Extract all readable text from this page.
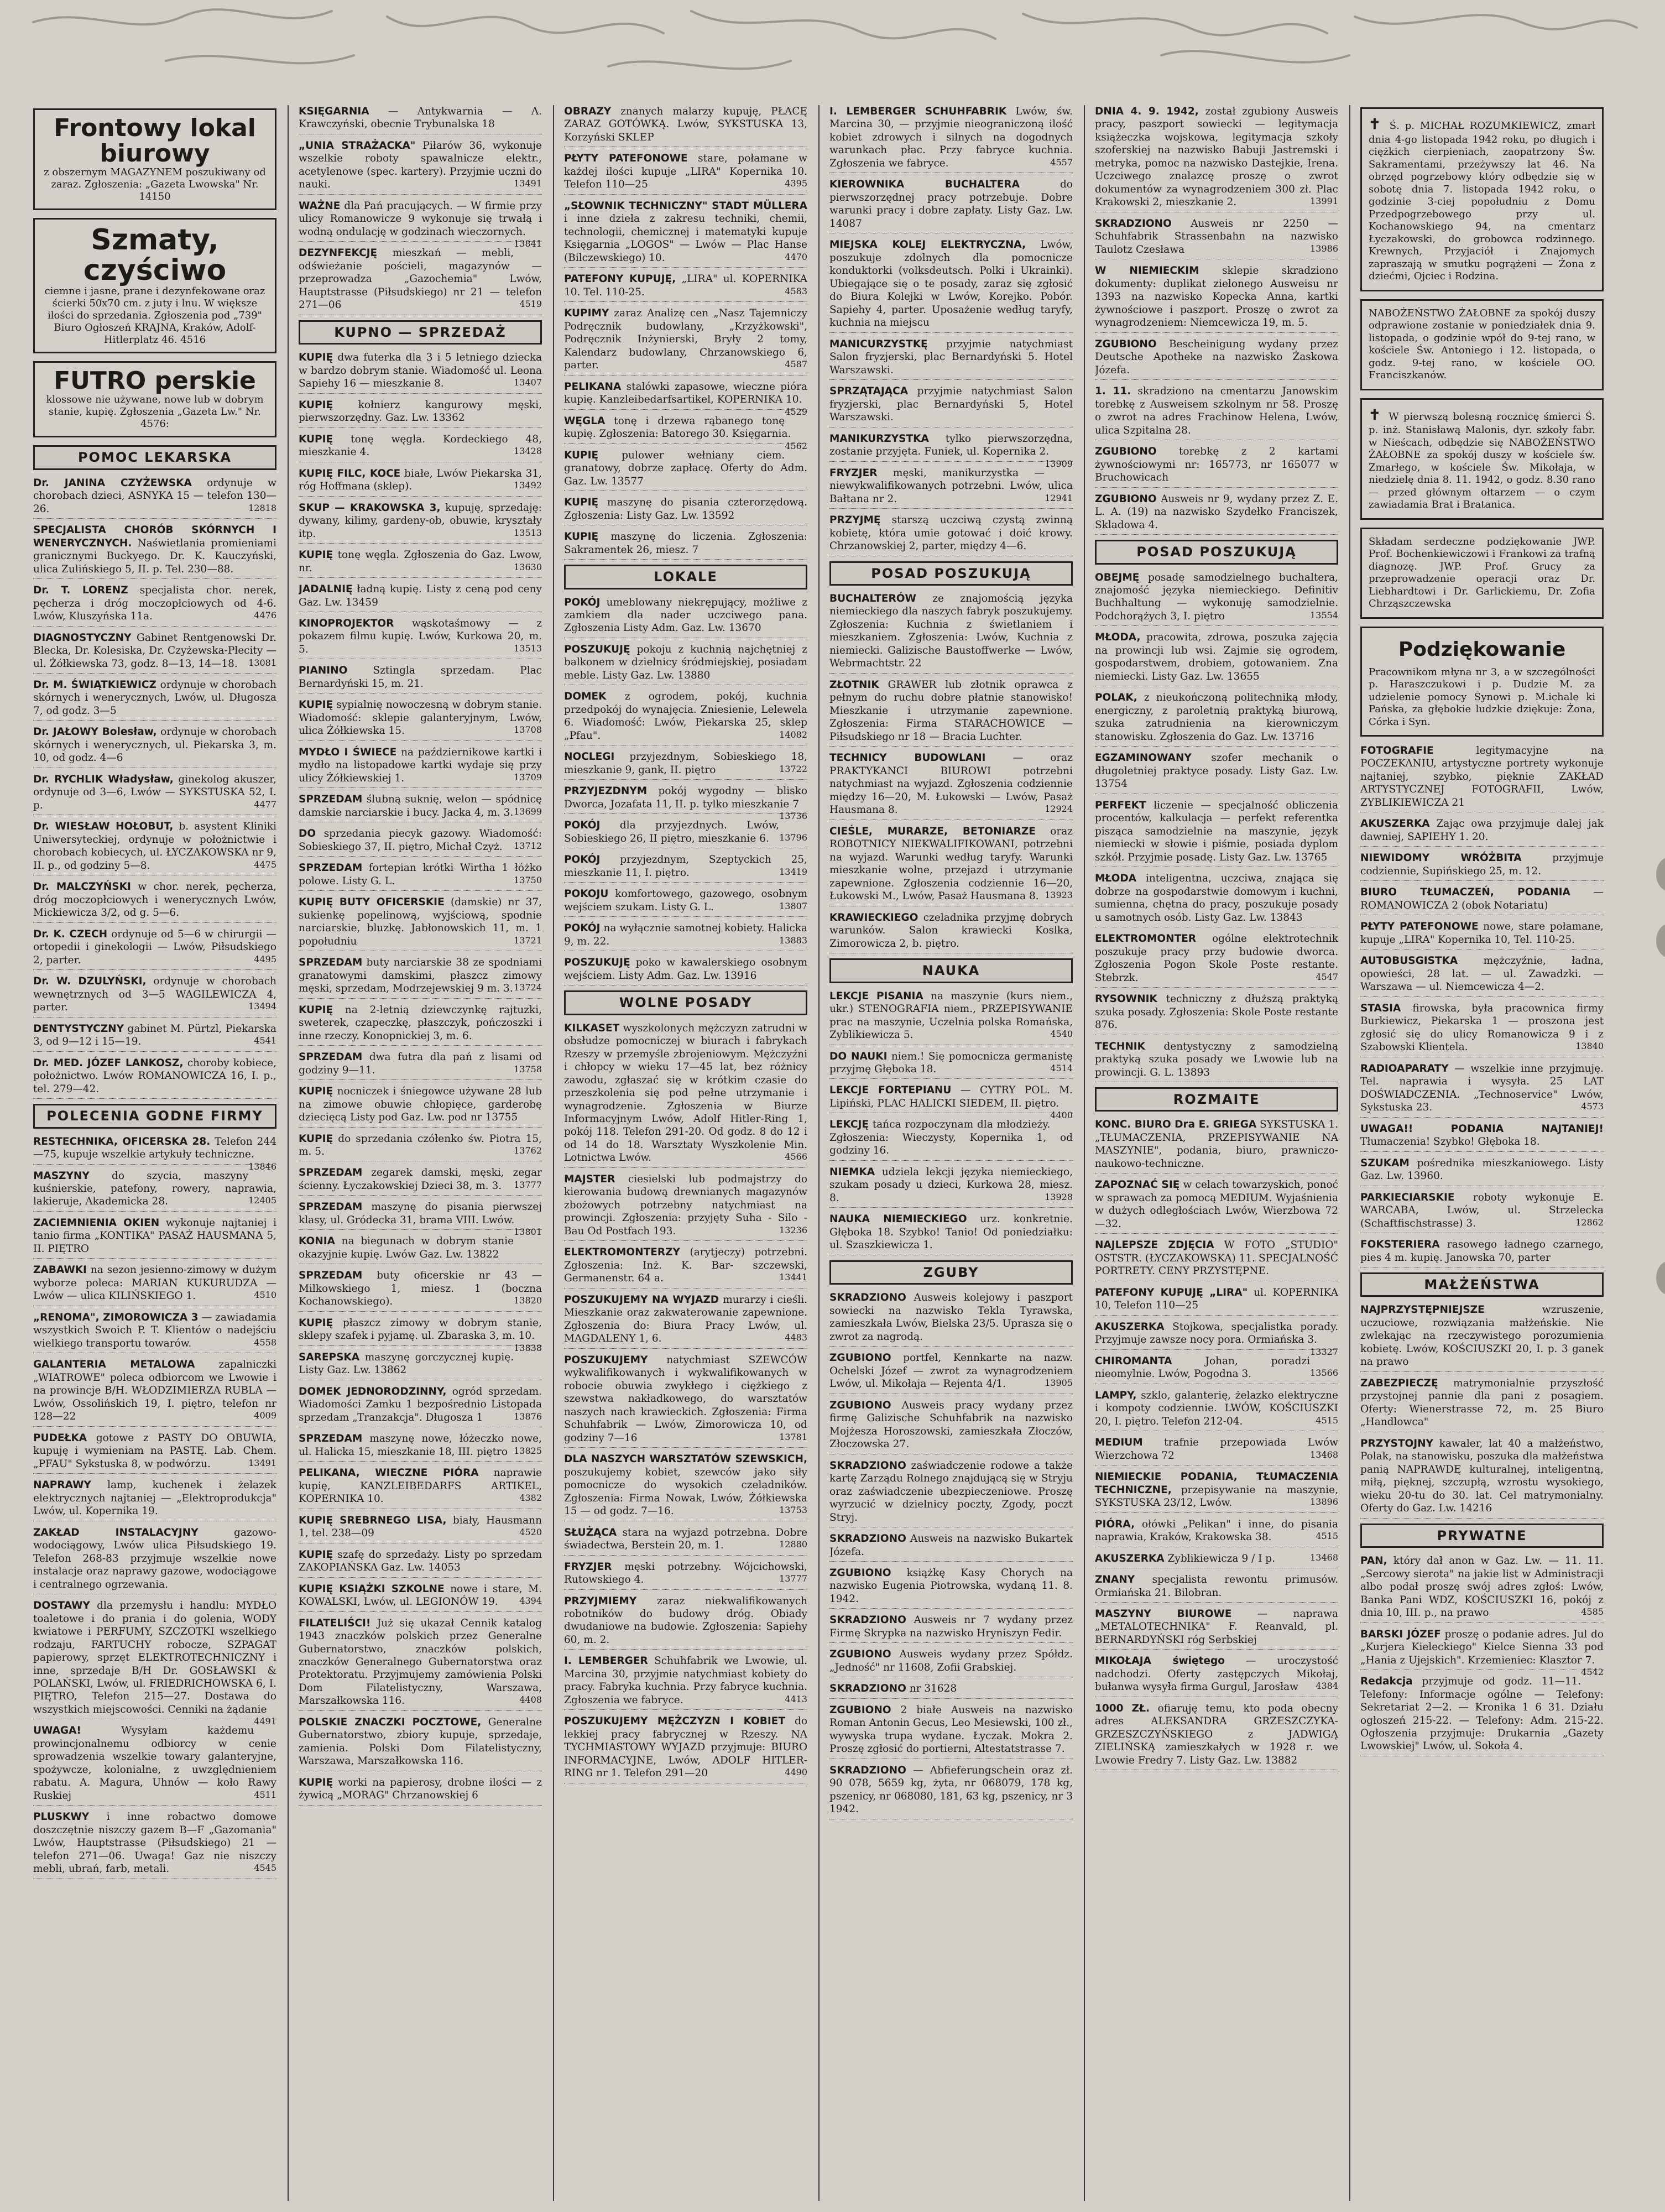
Frontowy lokal biurowy
z obszernym MAGAZYNEM poszukiwany od zaraz. Zgłoszenia: „Gazeta Lwowska" Nr. 14150
Szmaty, czyściwo
ciemne i jasne, prane i dezynfekowane oraz ścierki 50x70 cm. z juty i lnu. W większe ilości do sprzedania. Zgłoszenia pod „739" Biuro Ogłoszeń KRAJNA, Kraków, Adolf-Hitlerplatz 46. 4516
FUTRO perskie
klossowe nie używane, nowe lub w dobrym stanie, kupię. Zgłoszenia „Gazeta Lw." Nr. 4576:
POMOC LEKARSKA
Dr. JANINA CZYŻEWSKA ordynuje w chorobach dzieci, ASNYKA 15 — telefon 130—26.	12818
SPECJALISTA CHORÓB SKÓRNYCH I WENERYCZNYCH. Naświetlania promieniami granicznymi Buckyego. Dr. K. Kauczyński, ulica Zulińskiego 5, II. p. Tel. 230—88.
Dr. T. LORENZ specjalista chor. nerek, pęcherza i dróg moczopłciowych od 4-6. Lwów, Kluszyńska 11a.	4476
DIAGNOSTYCZNY Gabinet Rentgenowski Dr. Blecka, Dr. Kolesiska, Dr. Czyżewska-Plecity — ul. Żółkiewska 73, godz. 8—13, 14—18. 13081
Dr. M. ŚWIĄTKIEWICZ ordynuje w chorobach skórnych i wenerycznych, Lwów, ul. Długosza 7, od godz. 3—5
Dr. JAŁOWY Bolesław, ordynuje w chorobach skórnych i wenerycznych, ul. Piekarska 3, m. 10, od godz. 4—6
Dr. RYCHLIK Władysław, ginekolog akuszer, ordynuje od 3—6, Lwów — SYKSTUSKA 52, I. p.	4477
Dr. WIESŁAW HOŁOBUT, b. asystent Kliniki Uniwersyteckiej, ordynuje w położnictwie i chorobach kobiecych, ul. ŁYCZAKOWSKA nr 9, II. p., od godziny 5—8.	4475
Dr. MALCZYŃSKI w chor. nerek, pęcherza, dróg moczopłciowych i wenerycznych Lwów, Mickiewicza 3/2, od g. 5—6.
Dr. K. CZECH ordynuje od 5—6 w chirurgii — ortopedii i ginekologii — Lwów, Piłsudskiego 2, parter.	4495
Dr. W. DZULYŃSKI, ordynuje w chorobach wewnętrznych od 3—5 WAGILEWICZA 4, parter.	13494
DENTYSTYCZNY gabinet M. Pürtzl, Piekarska 3, od 9—12 i 15—19.	4541
Dr. MED. JÓZEF LANKOSZ, choroby kobiece, położnictwo. Lwów ROMANOWICZA 16, I. p., tel. 279—42.
POLECENIA GODNE FIRMY
RESTECHNIKA, OFICERSKA 28. Telefon 244—75, kupuje wszelkie artykuły techniczne.
13846
MASZYNY do szycia, maszyny kuśnierskie, patefony, rowery, naprawia, lakieruje, Akademicka 28.	12405
ZACIEMNIENIA OKIEN wykonuje najtaniej i tanio firma „KONTIKA" PASAŻ HAUSMANA 5, II. PIĘTRO
ZABAWKI na sezon jesienno-zimowy w dużym wyborze poleca: MARIAN KUKURUDZA — Lwów — ulica KILIŃSKIEGO 1.	4510
„RENOMA", ZIMOROWICZA 3 — zawiadamia wszystkich Swoich P. T. Klientów o nadejściu wielkiego transportu towarów.	4558
GALANTERIA METALOWA zapalniczki „WIATROWE" poleca odbiorcom we Lwowie i na prowincje B/H. WŁODZIMIERZA RUBLA — Lwów, Ossolińskich 19, I. piętro, telefon nr 128—22	4009
PUDEŁKA gotowe z PASTY DO OBUWIA, kupuję i wymieniam na PASTĘ. Lab. Chem. „PFAU" Sykstuska 8, w podwórzu.	13491
NAPRAWY lamp, kuchenek i żelazek elektrycznych najtaniej — „Elektroprodukcja" Lwów, ul. Kopernika 19.
ZAKŁAD INSTALACYJNY	gazowo-wodociągowy, Lwów ulica Piłsudskiego 19. Telefon 268-83 przyjmuje wszelkie nowe instalacje oraz naprawy gazowe, wodociągowe i centralnego ogrzewania.
DOSTAWY dla przemysłu i handlu: MYDŁO toaletowe i do prania i do golenia, WODY kwiatowe i PERFUMY, SZCZOTKI wszelkiego rodzaju, FARTUCHY robocze, SZPAGAT papierowy, sprzęt ELEKTROTECHNICZNY i inne, sprzedaje B/H Dr. GOSŁAWSKI & POLAŃSKI, Lwów, ul. FRIEDRICHOWSKA 6, I. PIĘTRO, Telefon 215—27. Dostawa do wszystkich miejscowości. Cenniki na żądanie
4491
UWAGA!	Wysyłam każdemu prowincjonalnemu odbiorcy w cenie sprowadzenia wszelkie towary galanteryjne, spożywcze, kolonialne, z uwzględnieniem rabatu. A. Magura, Uhnów — koło Rawy Ruskiej	4511
PLUSKWY i inne robactwo domowe doszczętnie niszczy gazem B—F „Gazomania" Lwów, Hauptstrasse (Piłsudskiego) 21 — telefon 271—06. Uwaga! Gaz nie niszczy mebli, ubrań, farb, metali.	4545
KSIĘGARNIA — Antykwarnia — A. Krawczyński, obecnie Trybunalska 18
„UNIA STRAŻACKA" Piłarów 36, wykonuje wszelkie roboty spawalnicze elektr., acetylenowe (spec. kartery). Przyjmie uczni do nauki.	13491
WAŻNE dla Pań pracujących. — W firmie przy ulicy Romanowicze 9 wykonuje się trwałą i wodną ondulację w godzinach wieczornych.
13841
DEZYNFEKCJĘ mieszkań — mebli, odświeżanie pościeli, magazynów — przeprowadza „Gazochemia" Lwów, Hauptstrasse (Piłsudskiego) nr 21 — telefon 271—06	4519
KUPNO — SPRZEDAŻ
KUPIĘ dwa futerka dla 3 i 5 letniego dziecka w bardzo dobrym stanie. Wiadomość ul. Leona Sapiehy 16 — mieszkanie 8.	13407
KUPIĘ kołnierz kangurowy męski, pierwszorzędny. Gaz. Lw. 13362
KUPIĘ tonę węgla. Kordeckiego 48, mieszkanie 4.	13428
KUPIĘ FILC, KOCE białe, Lwów Piekarska 31, róg Hoffmana (sklep).	13492
SKUP — KRAKOWSKA 3, kupuję, sprzedaję: dywany, kilimy, gardeny-ob, obuwie, kryształy itp.	13513
KUPIĘ tonę węgla. Zgłoszenia do Gaz. Lwow, nr.	13630
JADALNIĘ ładną kupię. Listy z ceną pod ceny Gaz. Lw. 13459
KINOPROJEKTOR wąskotaśmowy — z pokazem filmu kupię. Lwów, Kurkowa 20, m. 5.	13513
PIANINO Sztingla sprzedam. Plac Bernardyński 15, m. 21.
KUPIĘ sypialnię nowoczesną w dobrym stanie. Wiadomość: sklepie galanteryjnym, Lwów, ulica Żółkiewska 15.	13708
MYDŁO I ŚWIECE na październikowe kartki i mydło na listopadowe kartki wydaje się przy ulicy Żółkiewskiej 1.	13709
SPRZEDAM ślubną suknię, welon — spódnicę damskie narciarskie i bucy. Jacka 4, m. 3. 13699
DO sprzedania piecyk gazowy. Wiadomość: Sobieskiego 37, II. piętro, Michał Czyż. 13712
SPRZEDAM fortepian krótki Wirtha 1 łóżko polowe. Listy G. L.	13750
KUPIĘ BUTY OFICERSKIE (damskie) nr 37, sukienkę popelinową, wyjściową, spodnie narciarskie, bluzkę. Jabłonowskich 11, m. 1 popołudniu	13721
SPRZEDAM buty narciarskie 38 ze spodniami granatowymi damskimi, płaszcz zimowy męski, sprzedam, Modrzejewskiej 9 m. 3. 13724
KUPIĘ na 2-letnią dziewczynkę rajtuzki, sweterek, czapeczkę, płaszczyk, pończoszki i inne rzeczy. Konopnickiej 3, m. 6.
SPRZEDAM dwa futra dla pań z lisami od godziny 9—11.	13758
KUPIĘ nocniczek i śniegowce używane 28 lub na zimowe obuwie chłopięce, garderobę dziecięcą Listy pod Gaz. Lw. pod nr 13755
KUPIĘ do sprzedania czółenko św. Piotra 15, m. 5.	13762
SPRZEDAM zegarek damski, męski, zegar ścienny. Łyczakowskiej Dzieci 38, m. 3. 13777
SPRZEDAM maszynę do pisania pierwszej klasy, ul. Gródecka 31, brama VIII. Lwów.
13801
KONIA na biegunach w dobrym stanie okazyjnie kupię. Lwów Gaz. Lw. 13822
SPRZEDAM buty oficerskie nr 43 — Milkowskiego 1, miesz. 1 (boczna Kochanowskiego).	13820
KUPIĘ płaszcz zimowy w dobrym stanie, sklepy szafek i pyjamę. ul. Zbaraska 3, m. 10.
13838
SAREPSKA maszynę gorczycznej kupię. Listy Gaz. Lw. 13862
DOMEK JEDNORODZINNY, ogród sprzedam. Wiadomości Zamku 1 bezpośrednio Listopada sprzedam „Tranzakcja". Długosza 1	13876
SPRZEDAM maszynę nowe, łóżeczko nowe, ul. Halicka 15, mieszkanie 18, III. piętro 13825
PELIKANA, WIECZNE PIÓRA naprawie kupię, KANZLEIBEDARFS ARTIKEL, KOPERNIKA 10.	4382
KUPIĘ SREBRNEGO LISA, biały, Hausmann 1, tel. 238—09	4520
KUPIĘ szafę do sprzedaży. Listy po sprzedam ZAKOPIAŃSKA Gaz. Lw. 14053
KUPIĘ KSIĄŻKI SZKOLNE nowe i stare, M. KOWALSKI, Lwów, ul. LEGIONÓW 19. 4394
FILATELIŚCI! Już się ukazał Cennik katalog 1943 znaczków polskich przez Generalne Gubernatorstwo, znaczków polskich, znaczków Generalnego Gubernatorstwa oraz Protektoratu. Przyjmujemy zamówienia Polski Dom Filatelistyczny, Warszawa, Marszałkowska 116.	4408
POLSKIE ZNACZKI POCZTOWE, Generalne Gubernatorstwo, zbiory kupuje, sprzedaje, zamienia. Polski Dom Filatelistyczny, Warszawa, Marszałkowska 116.
KUPIĘ worki na papierosy, drobne ilości — z żywicą „MORAG" Chrzanowskiej 6
OBRAZY znanych malarzy kupuję, PŁACĘ ZARAZ GOTÓWKĄ. Lwów, SYKSTUSKA 13, Korzyński SKLEP
PŁYTY PATEFONOWE stare, połamane w każdej ilości kupuje „LIRA" Kopernika 10. Telefon 110—25	4395
„SŁOWNIK TECHNICZNY" STADT MÜLLERA i inne dzieła z zakresu techniki, chemii, technologii, chemicznej i matematyki kupuje Księgarnia „LOGOS" — Lwów — Plac Hanse (Bilczewskiego) 10.	4470
PATEFONY KUPUJĘ, „LIRA" ul. KOPERNIKA 10. Tel. 110-25.	4583
KUPIMY zaraz Analizę cen „Nasz Tajemniczy Podręcznik budowlany, „Krzyżkowski", Podręcznik Inżynierski, Bryły 2 tomy, Kalendarz budowlany, Chrzanowskiego 6, parter.	4587
PELIKANA stalówki zapasowe, wieczne pióra kupię. Kanzleibedarfsartikel, KOPERNIKA 10.
4529
WĘGLA tonę i drzewa rąbanego tonę kupię. Zgłoszenia: Batorego 30. Księgarnia.
4562
KUPIĘ pulower wełniany ciem. granatowy, dobrze zapłacę. Oferty do Adm. Gaz. Lw. 13577
KUPIĘ maszynę do pisania czterorzędową. Zgłoszenia: Listy Gaz. Lw. 13592
KUPIĘ maszynę do liczenia. Zgłoszenia: Sakramentek 26, miesz. 7
LOKALE
POKÓJ umeblowany niekrępujący, możliwe z zamkiem dla nader uczciwego pana. Zgłoszenia Listy Adm. Gaz. Lw. 13670
POSZUKUJĘ pokoju z kuchnią najchętniej z balkonem w dzielnicy śródmiejskiej, posiadam meble. Listy Gaz. Lw. 13880
DOMEK z ogrodem, pokój, kuchnia przedpokój do wynajęcia. Zniesienie, Lelewela 6. Wiadomość: Lwów, Piekarska 25, sklep „Pfau".	14082
NOCLEGI przyjezdnym, Sobieskiego 18, mieszkanie 9, gank, II. piętro	13722
PRZYJEZDNYM pokój wygodny — blisko Dworca, Jozafata 11, II. p. tylko mieszkanie 7
13736
POKÓJ dla przyjezdnych. Lwów, Sobieskiego 26, II piętro, mieszkanie 6. 13796
POKÓJ przyjezdnym, Szeptyckich 25, mieszkanie 11, I. piętro.	13419
POKOJU komfortowego, gazowego, osobnym wejściem szukam. Listy G. L.	13807
POKÓJ na wyłącznie samotnej kobiety. Halicka 9, m. 22.	13883
POSZUKUJĘ poko w kawalerskiego osobnym wejściem. Listy Adm. Gaz. Lw. 13916
WOLNE POSADY
KILKASET wyszkolonych mężczyzn zatrudni w obsłudze pomocniczej w biurach i fabrykach Rzeszy w przemyśle zbrojeniowym. Mężczyźni i chłopcy w wieku 17—45 lat, bez różnicy zawodu, zgłaszać się w krótkim czasie do przeszkolenia się pod pełne utrzymanie i wynagrodzenie. Zgłoszenia w Biurze Informacyjnym Lwów, Adolf Hitler-Ring 1, pokój 118. Telefon 291-20. Od godz. 8 do 12 i od 14 do 18. Warsztaty Wyszkolenie Min. Lotnictwa Lwów.	4566
MAJSTER ciesielski lub podmajstrzy do kierowania budową drewnianych magazynów zbożowych potrzebny natychmiast na prowincji. Zgłoszenia: przyjęty Suha - Silo - Bau Od Postfach 193.	13236
ELEKTROMONTERZY (arytjeczy) potrzebni. Zgłoszenia: Inż. K. Bar- szczewski, Germanenstr. 64 a.	13441
POSZUKUJEMY NA WYJAZD murarzy i cieśli. Mieszkanie oraz zakwaterowanie zapewnione. Zgłoszenia do: Biura Pracy Lwów, ul. MAGDALENY 1, 6.	4483
POSZUKUJEMY natychmiast SZEWCÓW wykwalifikowanych i wykwalifikowanych w robocie obuwia zwykłego i ciężkiego z szewstwa nakładkowego, do warsztatów naszych nach krawieckich. Zgłoszenia: Firma Schuhfabrik — Lwów, Zimorowicza 10, od godziny 7—16	13781
DLA NASZYCH WARSZTATÓW SZEWSKICH, poszukujemy kobiet, szewców jako siły pomocnicze do wysokich czeladników. Zgłoszenia: Firma Nowak, Lwów, Żółkiewska 15 — od godz. 7—16.	13753
SŁUŻĄCA stara na wyjazd potrzebna. Dobre świadectwa, Berstein 20, m. 1.	12880
FRYZJER męski potrzebny. Wójcichowski, Rutowskiego 4.	13777
PRZYJMIEMY zaraz niekwalifikowanych robotników do budowy dróg. Obiady dwudaniowe na budowie. Zgłoszenia: Sapiehy 60, m. 2.
I. LEMBERGER Schuhfabrik we Lwowie, ul. Marcina 30, przyjmie natychmiast kobiety do pracy. Fabryka kuchnia. Przy fabryce kuchnia. Zgłoszenia we fabryce.	4413
POSZUKUJEMY MĘŻCZYZN I KOBIET do lekkiej pracy fabrycznej w Rzeszy. NA TYCHMIASTOWY WYJAZD przyjmuje: BIURO INFORMACYJNE, Lwów, ADOLF HITLER-RING nr 1. Telefon 291—20	4490
I. LEMBERGER SCHUHFABRIK Lwów, św. Marcina 30, — przyjmie nieograniczoną ilość kobiet zdrowych i silnych na dogodnych warunkach płac. Przy fabryce kuchnia. Zgłoszenia we fabryce.	4557
KIEROWNIKA BUCHALTERA	do pierwszorzędnej pracy potrzebuje. Dobre warunki pracy i dobre zapłaty. Listy Gaz. Lw. 14087
MIEJSKA KOLEJ ELEKTRYCZNA, Lwów, poszukuje zdolnych dla pomocnicze konduktorki (volksdeutsch. Polki i Ukrainki). Ubiegające się o te posady, zaraz się zgłosić do Biura Kolejki w Lwów, Korejko. Pobór. Sapiehy 4, parter. Uposażenie według taryfy, kuchnia na miejscu
MANICURZYSTKĘ przyjmie natychmiast Salon fryzjerski, plac Bernardyński 5. Hotel Warszawski.
SPRZĄTAJĄCA przyjmie natychmiast Salon fryzjerski, plac Bernardyński 5, Hotel Warszawski.
MANIKURZYSTKA tylko pierwszorzędna, zostanie przyjęta. Funiek, ul. Kopernika 2.
13909
FRYZJER męski, manikurzystka — niewykwalifikowanych potrzebni. Lwów, ulica Bałtana nr 2.	12941
PRZYJMĘ starszą uczciwą czystą zwinną kobietę, która umie gotować i doić krowy. Chrzanowskiej 2, parter, między 4—6.
POSAD POSZUKUJĄ
BUCHALTERÓW ze znajomością języka niemieckiego dla naszych fabryk poszukujemy. Zgłoszenia: Kuchnia z świetlaniem i mieszkaniem. Zgłoszenia: Lwów, Kuchnia z niemiecki. Galizische Baustoffwerke — Lwów, Webrmachtstr. 22
ZŁOTNIK GRAWER lub złotnik oprawca z pełnym do ruchu dobre płatnie stanowisko! Mieszkanie i utrzymanie zapewnione. Zgłoszenia: Firma STARACHOWICE — Piłsudskiego nr 18 — Bracia Luchter.
TECHNICY BUDOWLANI	— oraz PRAKTYKANCI BIUROWI potrzebni natychmiast na wyjazd. Zgłoszenia codziennie między 16—20, M. Łukowski — Lwów, Pasaż Hausmana 8.	12924
CIEŚLE, MURARZE, BETONIARZE oraz ROBOTNICY NIEKWALIFIKOWANI, potrzebni na wyjazd. Warunki według taryfy. Warunki mieszkanie wolne, przejazd i utrzymanie zapewnione. Zgłoszenia codziennie 16—20, Łukowski M., Lwów, Pasaż Hausmana 8. 13923
KRAWIECKIEGO czeladnika przyjmę dobrych warunków. Salon krawiecki Koslka, Zimorowicza 2, b. piętro.
NAUKA
LEKCJE PISANIA na maszynie (kurs niem., ukr.) STENOGRAFIA niem., PRZEPISYWANIE prac na maszynie, Uczelnia polska Romańska, Zyblikiewicza 5.	4540
DO NAUKI niem.! Się pomocnicza germanistę przyjmę Głęboka 18.	4514
LEKCJE FORTEPIANU — CYTRY POL. M. Lipiński, PLAC HALICKI SIEDEM, II. piętro.
4400
LEKCJĘ tańca rozpoczynam dla młodzieży. Zgłoszenia: Wieczysty, Kopernika 1, od godziny 16.
NIEMKA udziela lekcji języka niemieckiego, szukam posady u dzieci, Kurkowa 28, miesz. 8.	13928
NAUKA NIEMIECKIEGO urz. konkretnie. Głęboka 18. Szybko! Tanio! Od poniedziałku: ul. Szaszkiewicza 1.
ZGUBY
SKRADZIONO Ausweis kolejowy i paszport sowiecki na nazwisko Tekla Tyrawska, zamieszkała Lwów, Bielska 23/5. Uprasza się o zwrot za nagrodą.
ZGUBIONO portfel, Kennkarte na nazw. Ochelski Józef — zwrot za wynagrodzeniem Lwów, ul. Mikołaja — Rejenta 4/1.	13905
ZGUBIONO Ausweis pracy wydany przez firmę Galizische Schuhfabrik na nazwisko Mojżesza Horoszowski, zamieszkała Złoczów, Złoczowska 27.
SKRADZIONO zaświadczenie rodowe a także kartę Zarządu Rolnego znajdującą się w Stryju oraz zaświadczenie ubezpieczeniowe. Proszę wyrzucić w dzielnicy poczty, Zgody, poczt Stryj.
SKRADZIONO Ausweis na nazwisko Bukartek Józefa.
ZGUBIONO książkę Kasy Chorych na nazwisko Eugenia Piotrowska, wydaną 11. 8. 1942.
SKRADZIONO Ausweis nr 7 wydany przez Firmę Skrypka na nazwisko Hryniszyn Fedir.
ZGUBIONO Ausweis wydany przez Spółdz. „Jedność" nr 11608, Zofii Grabskiej.
SKRADZIONO nr 31628
ZGUBIONO 2 białe Ausweis na nazwisko Roman Antonin Gecus, Leo Mesiewski, 100 zł., wywyska trupa wydane. Łyczak. Mokra 2. Proszę zgłosić do portierni, Altestatstrasse 7.
SKRADZIONO — Abfieferungschein oraz zł. 90 078, 5659 kg, żyta, nr 068079, 178 kg, pszenicy, nr 068080, 181, 63 kg, pszenicy, nr 3 1942.
DNIA 4. 9. 1942, został zgubiony Ausweis pracy, paszport sowiecki — legitymacja książeczka wojskowa, legitymacja szkoły szoferskiej na nazwisko Babuji Jastremski i metryka, pomoc na nazwisko Dastejkie, Irena. Uczciwego znalazcę proszę o zwrot dokumentów za wynagrodzeniem 300 zł. Plac Krakowski 2, mieszkanie 2.	13991
SKRADZIONO Ausweis nr 2250 — Schuhfabrik Strassenbahn na nazwisko Taulotz Czesława	13986
W NIEMIECKIM sklepie skradziono dokumenty: duplikat zielonego Ausweisu nr 1393 na nazwisko Kopecka Anna, kartki żywnościowe i paszport. Proszę o zwrot za wynagrodzeniem: Niemcewicza 19, m. 5.
ZGUBIONO Bescheinigung wydany przez Deutsche Apotheke na nazwisko Żaskowa Józefa.
1. 11. skradziono na cmentarzu Janowskim torebkę z Ausweisem szkolnym nr 58. Proszę o zwrot na adres Frachinow Helena, Lwów, ulica Szpitalna 28.
ZGUBIONO torebkę z 2 kartami żywnościowymi nr: 165773, nr 165077 w Bruchowicach
ZGUBIONO Ausweis nr 9, wydany przez Z. E. L. A. (19) na nazwisko Szydełko Franciszek, Skladowa 4.
POSAD POSZUKUJĄ
OBEJMĘ posadę samodzielnego buchaltera, znajomość języka niemieckiego. Definitiv Buchhaltung — wykonuję samodzielnie. Podchorążych 3, I. piętro	13554
MŁODA, pracowita, zdrowa, poszuka zajęcia na prowincji lub wsi. Zajmie się ogrodem, gospodarstwem, drobiem, gotowaniem. Zna niemiecki. Listy Gaz. Lw. 13655
POLAK, z nieukończoną politechniką młody, energiczny, z paroletnią praktyką biurową, szuka zatrudnienia na kierowniczym stanowisku. Zgłoszenia do Gaz. Lw. 13716
EGZAMINOWANY szofer mechanik o długoletniej praktyce posady. Listy Gaz. Lw. 13754
PERFEKT liczenie — specjalność obliczenia procentów, kalkulacja — perfekt referentka pisząca samodzielnie na maszynie, język niemiecki w słowie i piśmie, posiada dyplom szkół. Przyjmie posadę. Listy Gaz. Lw. 13765
MŁODA inteligentna, uczciwa, znająca się dobrze na gospodarstwie domowym i kuchni, sumienna, chętna do pracy, poszukuje posady u samotnych osób. Listy Gaz. Lw. 13843
ELEKTROMONTER ogólne elektrotechnik poszukuje pracy przy budowie dworca. Zgłoszenia Pogon Skole Poste restante. Stebrzk.	4547
RYSOWNIK techniczny z dłuższą praktyką szuka posady. Zgłoszenia: Skole Poste restante 876.
TECHNIK dentystyczny z samodzielną praktyką szuka posady we Lwowie lub na prowincji. G. L. 13893
ROZMAITE
KONC. BIURO Dra E. GRIEGA SYKSTUSKA 1. „TŁUMACZENIA, PRZEPISYWANIE NA MASZYNIE", podania, biuro, prawniczo-naukowo-techniczne.
ZAPOZNAĆ SIĘ w celach towarzyskich, ponoć w sprawach za pomocą MEDIUM. Wyjaśnienia w dużych odległościach Lwów, Wierzbowa 72—32.
NAJLEPSZE ZDJĘCIA W FOTO „STUDIO" OSTSTR. (ŁYCZAKOWSKA) 11. SPECJALNOŚĆ PORTRETY. CENY PRZYSTĘPNE.
PATEFONY KUPUJĘ „LIRA" ul. KOPERNIKA 10, Telefon 110—25
AKUSZERKA Stojkowa, specjalistka porady. Przyjmuje zawsze nocy pora. Ormiańska 3.
13327
CHIROMANTA	Johan, poradzi nieomylnie. Lwów, Pogodna 3.	13566
LAMPY, szklo, galanterię, żelazko elektryczne i kompoty codziennie. LWÓW, KOŚCIUSZKI 20, I. piętro. Telefon 212-04.	4515
MEDIUM trafnie przepowiada Lwów Wierzchowa 72	13468
NIEMIECKIE PODANIA, TŁUMACZENIA TECHNICZNE, przepisywanie na maszynie, SYKSTUSKA 23/12, Lwów.	13896
PIÓRA, ołówki „Pelikan" i inne, do pisania naprawia, Kraków, Krakowska 38.	4515
AKUSZERKA Zyblikiewicza 9 / I p.	13468
ZNANY specjalista rewontu primusów. Ormiańska 21. Bilobran.
MASZYNY BIUROWE — naprawa „METALOTECHNIKA" F. Reanvald, pl. BERNARDYŃSKI róg Serbskiej
MIKOŁAJA świętego — uroczystość nadchodzi. Oferty zastępczych Mikołaj, bułanwa wysyła firma Gurgul, Jarosław 4384
1000 ZŁ. ofiaruję temu, kto poda obecny adres ALEKSANDRA GRZESZCZYKA-GRZESZCZYŃSKIEGO z JADWIGĄ ZIELIŃSKĄ zamieszkałych w 1928 r. we Lwowie Fredry 7. Listy Gaz. Lw. 13882
✝ Ś. p. MICHAŁ ROZUMKIEWICZ, zmarł dnia 4-go listopada 1942 roku, po długich i ciężkich cierpieniach, zaopatrzony Św. Sakramentami, przeżywszy lat 46. Na obrzęd pogrzebowy który odbędzie się w sobotę dnia 7. listopada 1942 roku, o godzinie 3-ciej popołudniu z Domu Przedpogrzebowego przy ul. Kochanowskiego 94, na cmentarz Łyczakowski, do grobowca rodzinnego. Krewnych, Przyjaciół i Znajomych zapraszają w smutku pogrążeni — Żona z dziećmi, Ojciec i Rodzina.
NABOŻEŃSTWO ŻAŁOBNE za spokój duszy odprawione zostanie w poniedziałek dnia 9. listopada, o godzinie wpół do 9-tej rano, w kościele Św. Antoniego i 12. listopada, o godz. 9-tej rano, w kościele OO. Franciszkanów.
✝ W pierwszą bolesną rocznicę śmierci Ś. p. inż. Stanisławą Malonis, dyr. szkoły fabr. w Nieścach, odbędzie się NABOŻEŃSTWO ŻAŁOBNE za spokój duszy w kościele św. Zmarłego, w kościele Św. Mikołaja, w niedzielę dnia 8. 11. 1942, o godz. 8.30 rano — przed głównym ołtarzem — o czym zawiadamia Brat i Bratanica.
Składam serdeczne podziękowanie JWP. Prof. Bochenkiewiczowi i Frankowi za trafną diagnozę. JWP. Prof. Grucy za przeprowadzenie operacji oraz Dr. Liebhardtowi i Dr. Garlickiemu, Dr. Zofia Chrząszczewska
Podziękowanie
Pracownikom młyna nr 3, a w szczególności p. Haraszczukowi i p. Dudzie M. za udzielenie pomocy Synowi p. M.ichale ki Pańska, za głębokie ludzkie dziękuje: Żona, Córka i Syn.
FOTOGRAFIE	legitymacyjne na POCZEKANIU, artystyczne portrety wykonuje najtaniej, szybko, pięknie ZAKŁAD ARTYSTYCZNEJ FOTOGRAFII, Lwów, ZYBLIKIEWICZA 21
AKUSZERKA Zając owa przyjmuje dalej jak dawniej, SAPIEHY 1. 20.
NIEWIDOMY WRÓŻBITA	przyjmuje codziennie, Supińskiego 25, m. 12.
BIURO TŁUMACZEŃ, PODANIA — ROMANOWICZA 2 (obok Notariatu)
PŁYTY PATEFONOWE nowe, stare połamane, kupuje „LIRA" Kopernika 10, Tel. 110-25.
AUTOBUSGISTKA	mężczyźnie, ładna, opowieści, 28 lat. — ul. Zawadzki. — Warszawa — ul. Niemcewicza 4—2.
STASIA firowska, była pracownica firmy Burkiewicz, Piekarska 1 — proszona jest zgłosić się do ulicy Romanowicza 9 i z Szabowski Klientela.	13840
RADIOAPARATY — wszelkie inne przyjmuję. Tel. naprawia i wysyła. 25 LAT DOŚWIADCZENIA. „Technoservice" Lwów, Sykstuska 23.	4573
UWAGA!! PODANIA NAJTANIEJ! Tłumaczenia! Szybko! Głęboka 18.
SZUKAM pośrednika mieszkaniowego. Listy Gaz. Lw. 13960.
PARKIECIARSKIE roboty wykonuje E. WARCABA, Lwów, ul. Strzelecka (Schaftfischstrasse) 3.	12862
FOKSTERIERA rasowego ładnego czarnego, pies 4 m. kupię. Janowska 70, parter
MAŁŻEŃSTWA
NAJPRZYSTĘPNIEJSZE	wzruszenie, uczuciowe, rozwiązania małżeńskie. Nie zwlekając na rzeczywistego porozumienia kobietę. Lwów, KOŚCIUSZKI 20, I. p. 3 ganek na prawo
ZABEZPIECZĘ matrymonialnie przyszłość przystojnej pannie dla pani z posagiem. Oferty: Wienerstrasse 72, m. 25 Biuro „Handlowca"
PRZYSTOJNY kawaler, lat 40 a małżeństwo, Polak, na stanowisku, poszuka dla małżeństwa panią NAPRAWDĘ kulturalnej, inteligentną, miłą, pięknej, szczupłą, wzrostu wysokiego, wieku 20-tu do 30. lat. Cel matrymonialny. Oferty do Gaz. Lw. 14216
PRYWATNE
PAN, który dał anon w Gaz. Lw. — 11. 11. „Sercowy sierota" na jakie list w Administracji albo podał proszę swój adres zgłoś: Lwów, Banka Pani WDZ, KOŚCIUSZKI 16, pokój z dnia 10, III. p., na prawo	4585
BARSKI JÓZEF proszę o podanie adres. Jul do „Kurjera Kieleckiego" Kielce Sienna 33 pod „Hania z Ujejskich". Krzemieniec: Klasztor 7.
4542
Redakcja przyjmuje od godz. 11—11. Telefony: Informacje ogólne — Telefony: Sekretariat 2—2. — Kronika 1 6 31. Działu ogłoszeń 215-22. — Telefony: Adm. 215-22. Ogłoszenia przyjmuje: Drukarnia „Gazety Lwowskiej" Lwów, ul. Sokoła 4.
